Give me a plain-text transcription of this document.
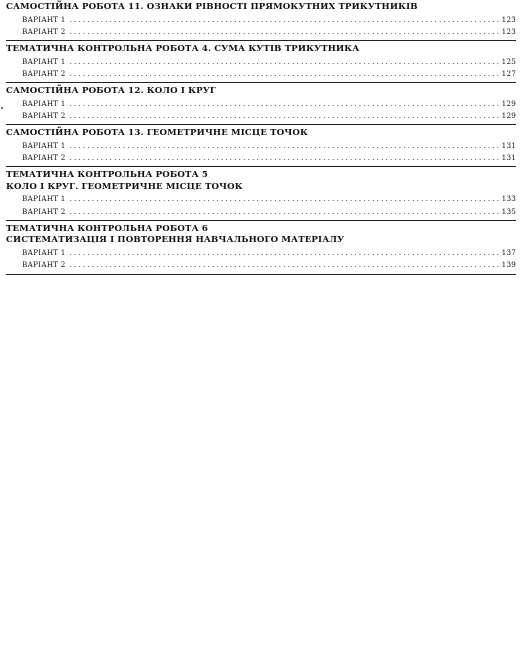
САМОСТІЙНА РОБОТА 11. ОЗНАКИ РІВНОСТІ ПРЯМОКУТНИХ ТРИКУТНИКІВ
ВАРІАНТ 1 . . .	123
ВАРІАНТ 2 . . .	123
ТЕМАТИЧНА КОНТРОЛЬНА РОБОТА 4. СУМА КУТІВ ТРИКУТНИКА
ВАРІАНТ 1 . . .	125
ВАРІАНТ 2 . . .	127
САМОСТІЙНА РОБОТА 12. КОЛО І КРУГ
ВАРІАНТ 1 . . .	129
ВАРІАНТ 2 . . .	129
САМОСТІЙНА РОБОТА 13. ГЕОМЕТРИЧНЕ МІСЦЕ ТОЧОК
ВАРІАНТ 1 . . .	131
ВАРІАНТ 2 . . .	131
ТЕМАТИЧНА КОНТРОЛЬНА РОБОТА 5
КОЛО І КРУГ. ГЕОМЕТРИЧНЕ МІСЦЕ ТОЧОК
ВАРІАНТ 1 . . .	133
ВАРІАНТ 2 . . .	135
ТЕМАТИЧНА КОНТРОЛЬНА РОБОТА 6
СИСТЕМАТИЗАЦІЯ І ПОВТОРЕННЯ НАВЧАЛЬНОГО МАТЕРІАЛУ
ВАРІАНТ 1 . . .	137
ВАРІАНТ 2 . . .	139
